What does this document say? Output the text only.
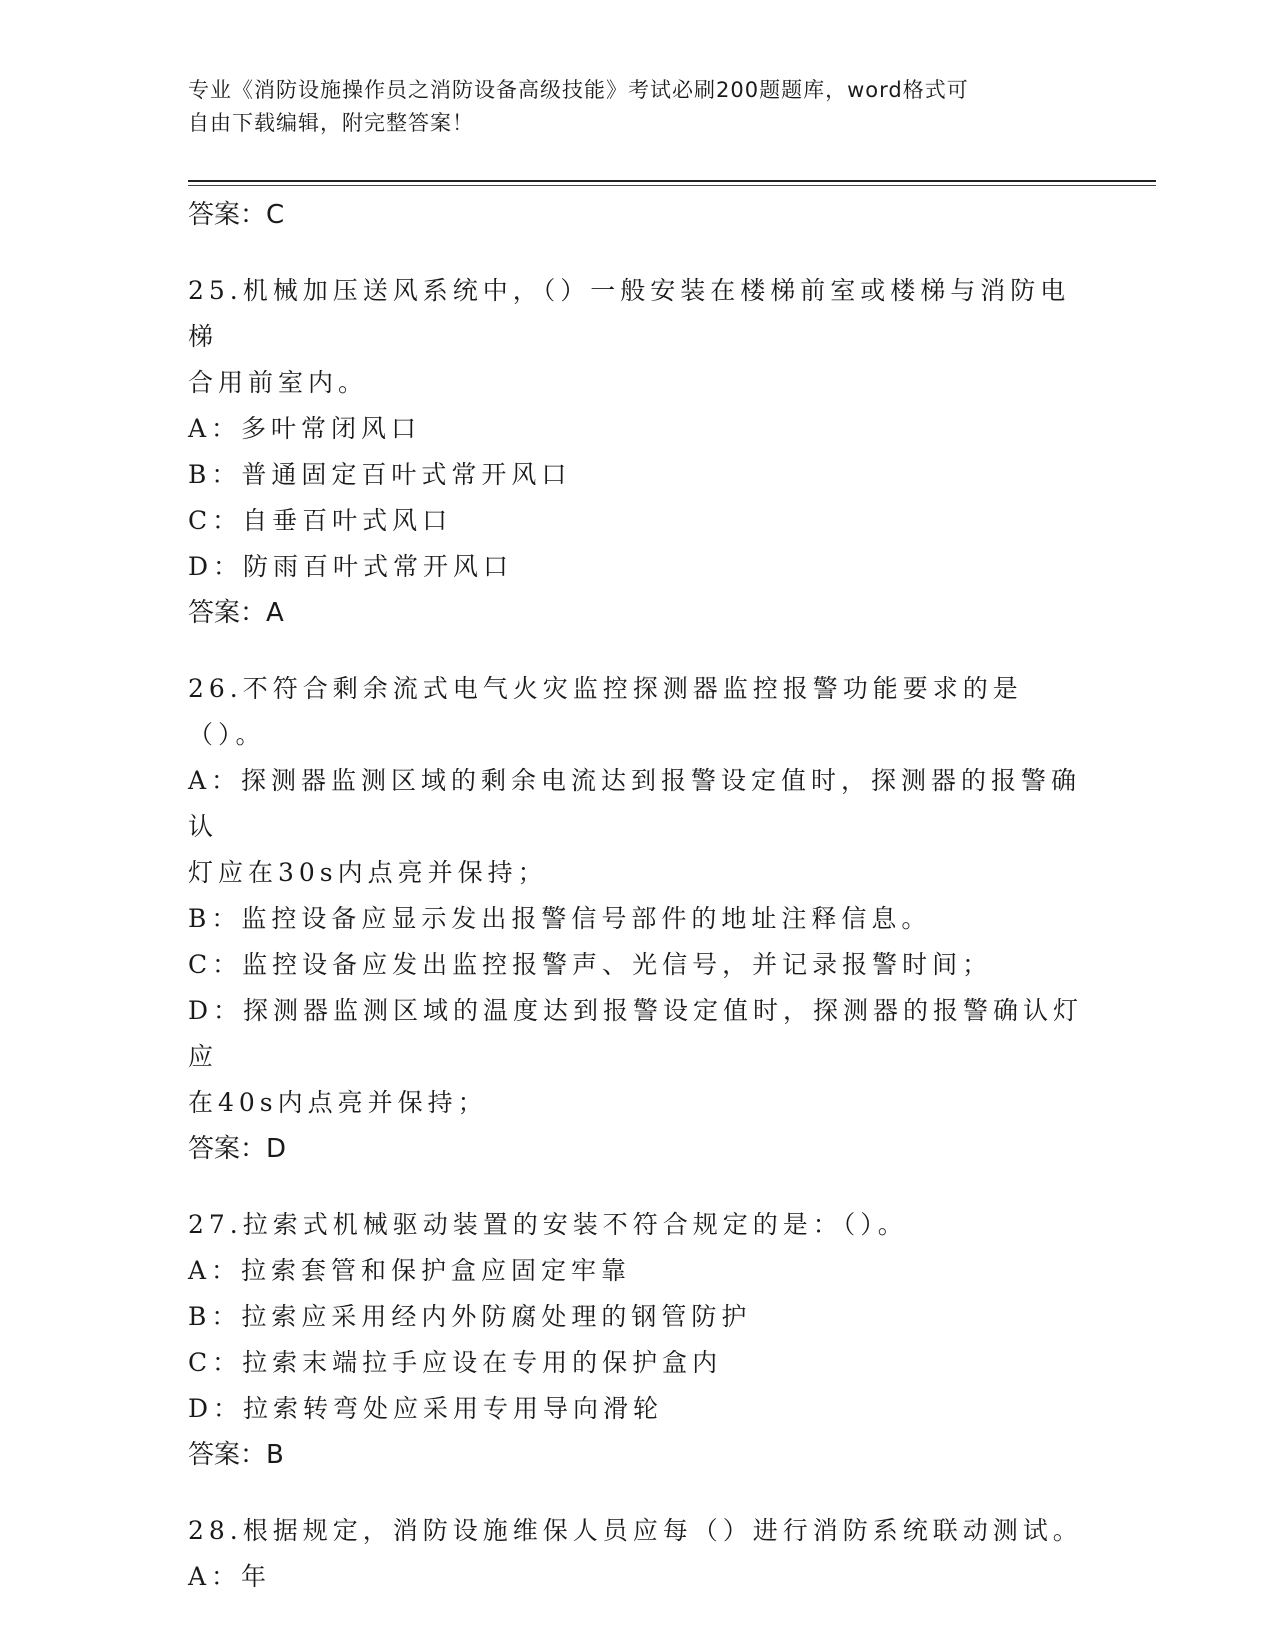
专业《消防设施操作员之消防设备高级技能》考试必刷200题题库，word格式可
自由下载编辑，附完整答案！

答案：C

25.机械加压送风系统中，（）一般安装在楼梯前室或楼梯与消防电梯

合用前室内。

A：多叶常闭风口

B：普通固定百叶式常开风口

C：自垂百叶式风口

D：防雨百叶式常开风口

答案：A

26.不符合剩余流式电气火灾监控探测器监控报警功能要求的是（）。

A：探测器监测区域的剩余电流达到报警设定值时，探测器的报警确认

灯应在30s内点亮并保持；

B：监控设备应显示发出报警信号部件的地址注释信息。

C：监控设备应发出监控报警声、光信号，并记录报警时间；

D：探测器监测区域的温度达到报警设定值时，探测器的报警确认灯应

在40s内点亮并保持；

答案：D

27.拉索式机械驱动装置的安装不符合规定的是：（）。

A：拉索套管和保护盒应固定牢靠

B：拉索应采用经内外防腐处理的钢管防护

C：拉索末端拉手应设在专用的保护盒内

D：拉索转弯处应采用专用导向滑轮

答案：B

28.根据规定，消防设施维保人员应每（）进行消防系统联动测试。

A：年
